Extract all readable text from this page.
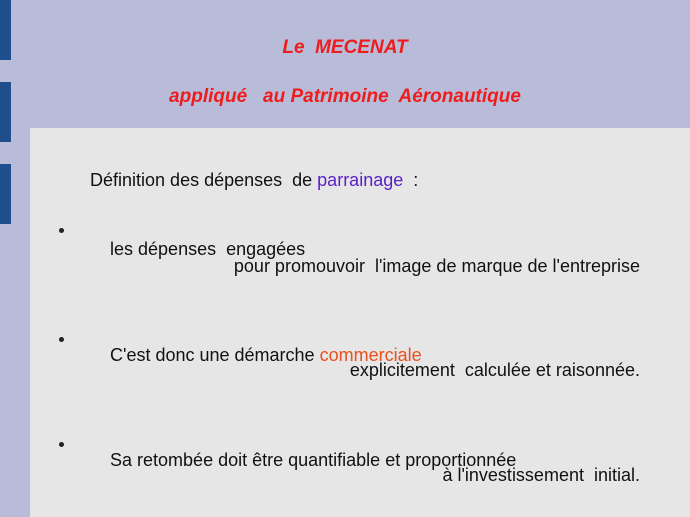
Le  MECENAT
appliqué   au Patrimoine  Aéronautique

Définition des dépenses  de parrainage  :

les dépenses  engagées

pour promouvoir  l'image de marque de l'entreprise

C'est donc une démarche commerciale

explicitement  calculée et raisonnée.

Sa retombée doit être quantifiable et proportionnée

à l'investissement  initial.
